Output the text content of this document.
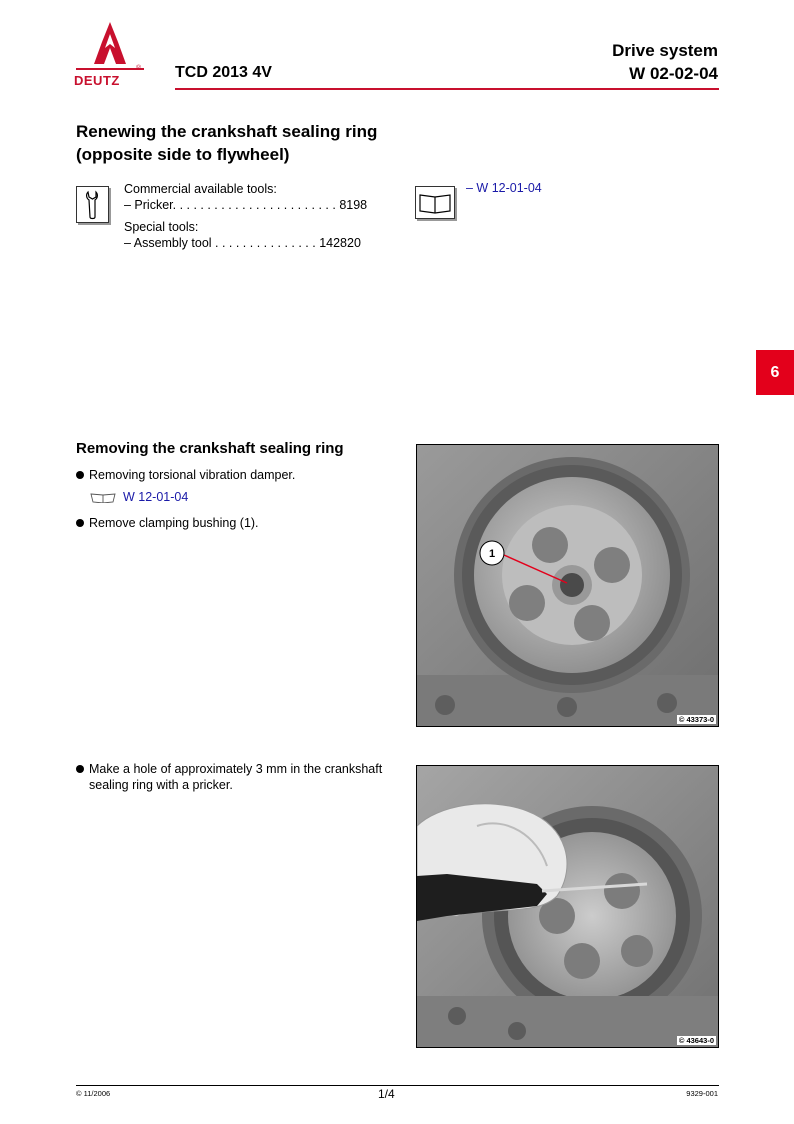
DEUTZ
® TCD 2013 4V
Drive system
W 02-02-04
Renewing the crankshaft sealing ring
(opposite side to flywheel)
Commercial available tools:
– Pricker. . . . . . . . . . . . . . . . . . . . . . . . 8198
Special tools:
– Assembly tool . . . . . . . . . . . . . . . 142820
– W 12-01-04
6
Removing the crankshaft sealing ring
Removing torsional vibration damper.
W 12-01-04
Remove clamping bushing (1).
Make a hole of approximately 3 mm in the crankshaft sealing ring with a pricker.
1
© 43373-0
© 43643-0
© 11/2006	1/4	9329-001
